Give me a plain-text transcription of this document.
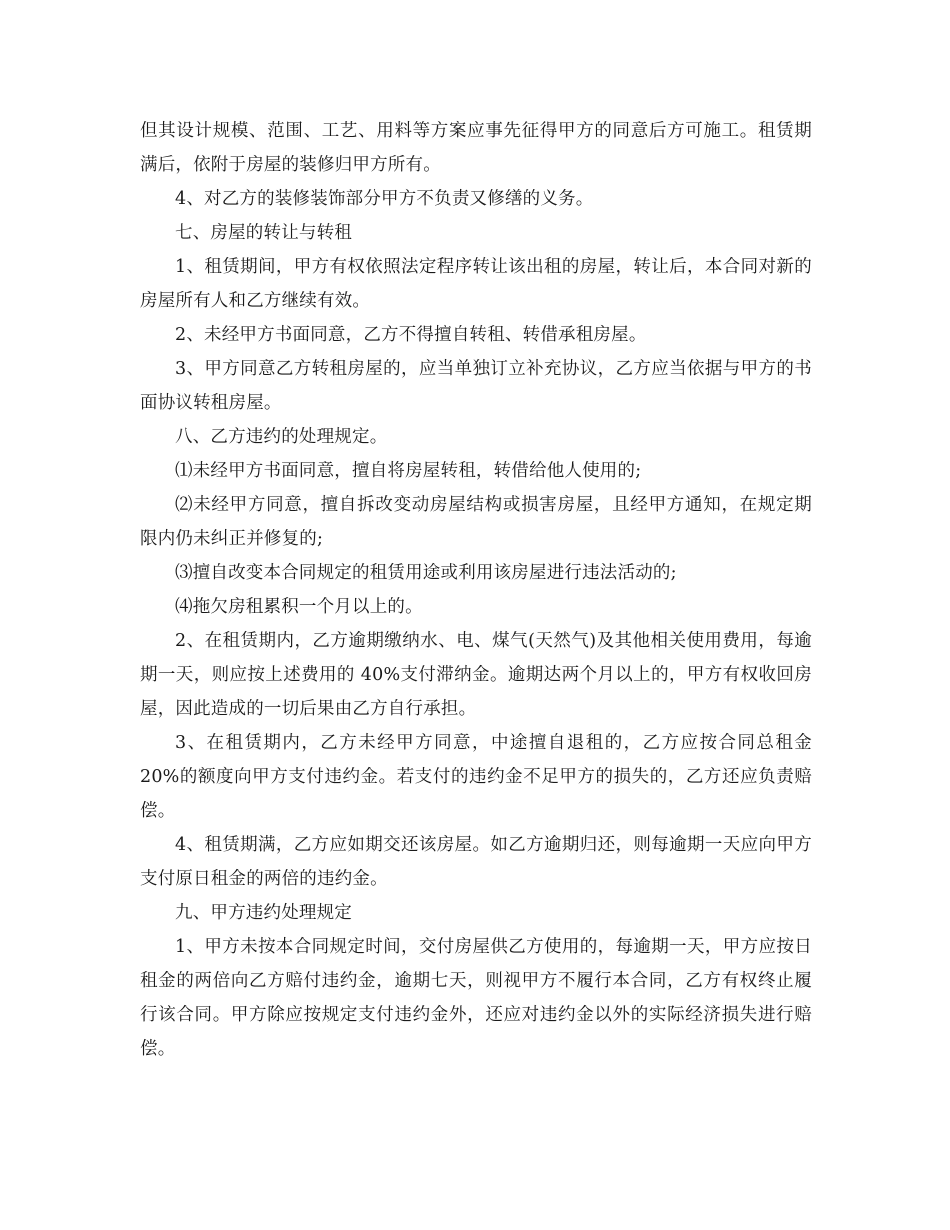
但其设计规模、范围、工艺、用料等方案应事先征得甲方的同意后方可施工。租赁期满后，依附于房屋的装修归甲方所有。

4、对乙方的装修装饰部分甲方不负责又修缮的义务。

七、房屋的转让与转租

1、租赁期间，甲方有权依照法定程序转让该出租的房屋，转让后，本合同对新的房屋所有人和乙方继续有效。

2、未经甲方书面同意，乙方不得擅自转租、转借承租房屋。

3、甲方同意乙方转租房屋的，应当单独订立补充协议，乙方应当依据与甲方的书面协议转租房屋。

八、乙方违约的处理规定。

⑴未经甲方书面同意，擅自将房屋转租，转借给他人使用的;

⑵未经甲方同意，擅自拆改变动房屋结构或损害房屋，且经甲方通知，在规定期限内仍未纠正并修复的;

⑶擅自改变本合同规定的租赁用途或利用该房屋进行违法活动的;

⑷拖欠房租累积一个月以上的。

2、在租赁期内，乙方逾期缴纳水、电、煤气(天然气)及其他相关使用费用，每逾期一天，则应按上述费用的 40%支付滞纳金。逾期达两个月以上的，甲方有权收回房屋，因此造成的一切后果由乙方自行承担。

3、在租赁期内，乙方未经甲方同意，中途擅自退租的，乙方应按合同总租金 20%的额度向甲方支付违约金。若支付的违约金不足甲方的损失的，乙方还应负责赔偿。

4、租赁期满，乙方应如期交还该房屋。如乙方逾期归还，则每逾期一天应向甲方支付原日租金的两倍的违约金。

九、甲方违约处理规定

1、甲方未按本合同规定时间，交付房屋供乙方使用的，每逾期一天，甲方应按日租金的两倍向乙方赔付违约金，逾期七天，则视甲方不履行本合同，乙方有权终止履行该合同。甲方除应按规定支付违约金外，还应对违约金以外的实际经济损失进行赔偿。
